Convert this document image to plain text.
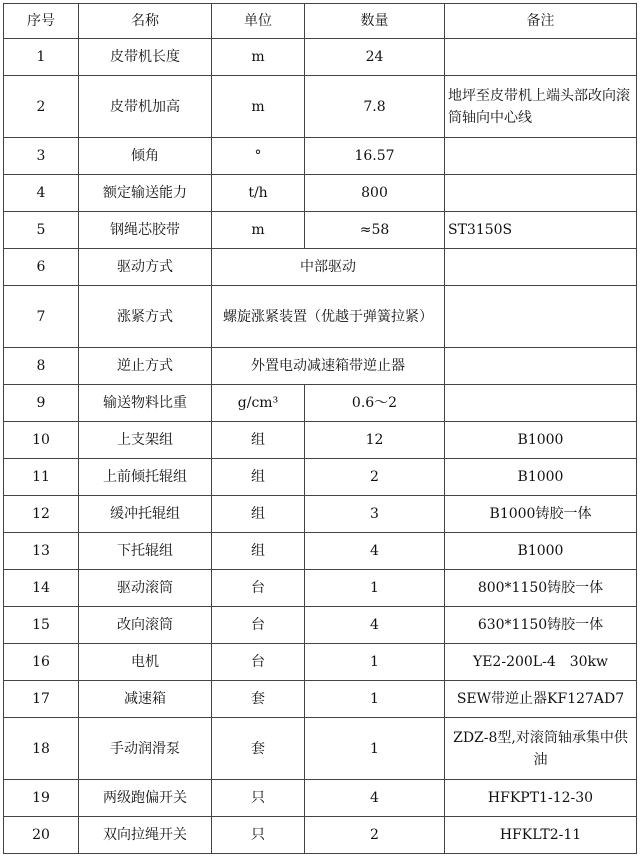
序号	名称	单位	数量	备注
1	皮带机长度	m	24	
2	皮带机加高	m	7.8	地坪至皮带机上端头部改向滚筒轴向中心线
3	倾角	°	16.57	
4	额定输送能力	t/h	800	
5	钢绳芯胶带	m	≈58	ST3150S
6	驱动方式	中部驱动		
7	涨紧方式	螺旋涨紧装置（优越于弹簧拉紧）		
8	逆止方式	外置电动减速箱带逆止器		
9	输送物料比重	g/cm³	0.6～2	
10	上支架组	组	12	B1000
11	上前倾托辊组	组	2	B1000
12	缓冲托辊组	组	3	B1000铸胶一体
13	下托辊组	组	4	B1000
14	驱动滚筒	台	1	800*1150铸胶一体
15	改向滚筒	台	4	630*1150铸胶一体
16	电机	台	1	YE2-200L-4　30kw
17	减速箱	套	1	SEW带逆止器KF127AD7
18	手动润滑泵	套	1	ZDZ-8型,对滚筒轴承集中供油
19	两级跑偏开关	只	4	HFKPT1-12-30
20	双向拉绳开关	只	2	HFKLT2-11
